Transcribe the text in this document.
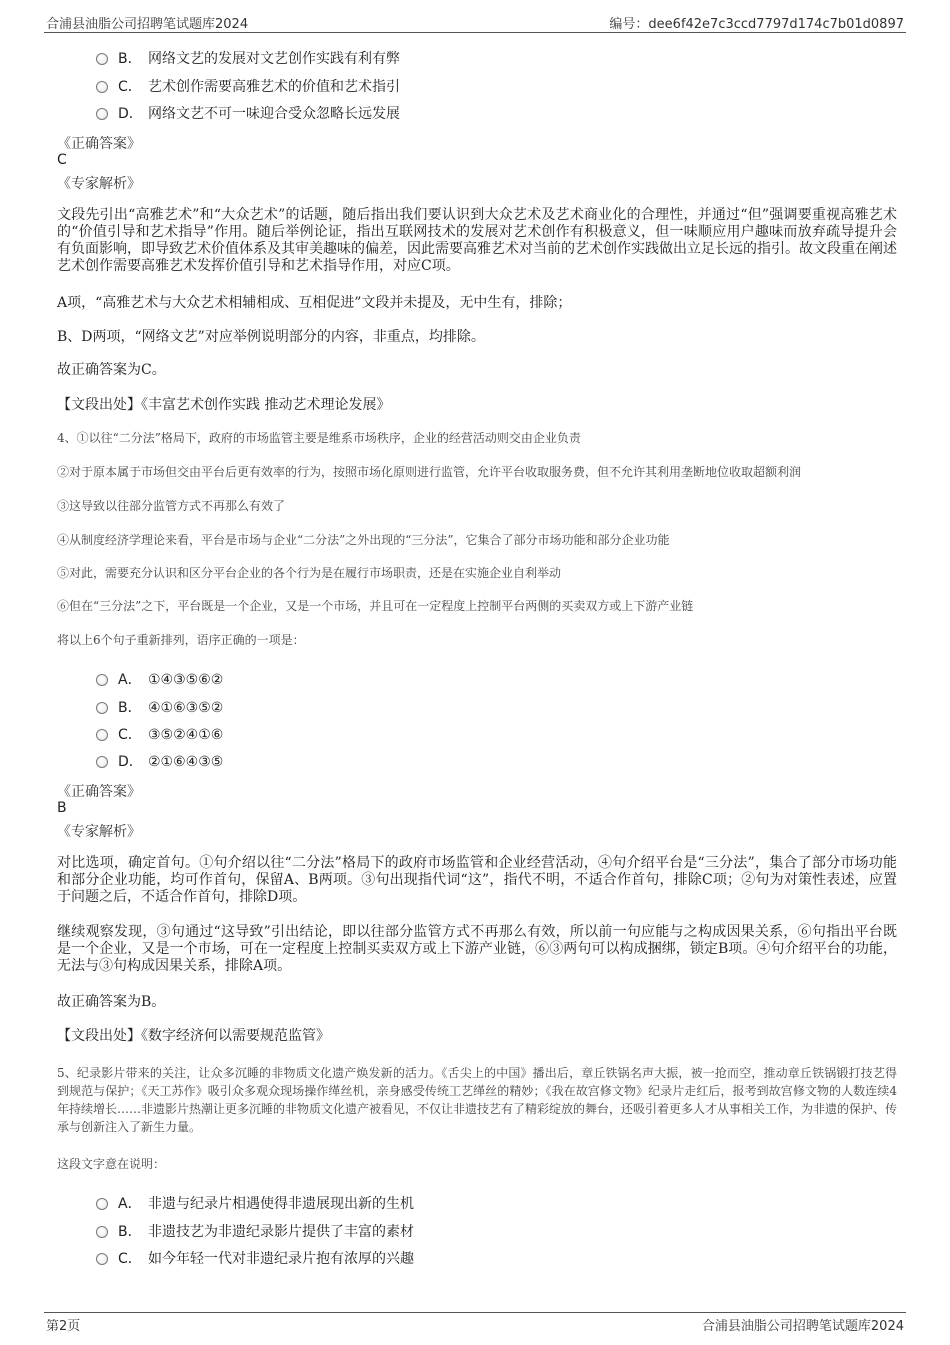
合浦县油脂公司招聘笔试题库2024	编号：dee6f42e7c3ccd7797d174c7b01d0897
B． 网络文艺的发展对文艺创作实践有利有弊
C． 艺术创作需要高雅艺术的价值和艺术指引
D． 网络文艺不可一味迎合受众忽略长远发展
《正确答案》
C
《专家解析》
文段先引出“高雅艺术”和“大众艺术”的话题，随后指出我们要认识到大众艺术及艺术商业化的合理性，并通过“但”强调要重视高雅艺术的“价值引导和艺术指导”作用。随后举例论证，指出互联网技术的发展对艺术创作有积极意义，但一味顺应用户趣味而放弃疏导提升会有负面影响，即导致艺术价值体系及其审美趣味的偏差，因此需要高雅艺术对当前的艺术创作实践做出立足长远的指引。故文段重在阐述艺术创作需要高雅艺术发挥价值引导和艺术指导作用，对应C项。
A项，“高雅艺术与大众艺术相辅相成、互相促进”文段并未提及，无中生有，排除；
B、D两项，“网络文艺”对应举例说明部分的内容，非重点，均排除。
故正确答案为C。
【文段出处】《丰富艺术创作实践 推动艺术理论发展》
4、①以往“二分法”格局下，政府的市场监管主要是维系市场秩序，企业的经营活动则交由企业负责
②对于原本属于市场但交由平台后更有效率的行为，按照市场化原则进行监管，允许平台收取服务费，但不允许其利用垄断地位收取超额利润
③这导致以往部分监管方式不再那么有效了
④从制度经济学理论来看，平台是市场与企业“二分法”之外出现的“三分法”，它集合了部分市场功能和部分企业功能
⑤对此，需要充分认识和区分平台企业的各个行为是在履行市场职责，还是在实施企业自利举动
⑥但在“三分法”之下，平台既是一个企业，又是一个市场，并且可在一定程度上控制平台两侧的买卖双方或上下游产业链
将以上6个句子重新排列，语序正确的一项是：
A． ①④③⑤⑥②
B． ④①⑥③⑤②
C． ③⑤②④①⑥
D． ②①⑥④③⑤
《正确答案》
B
《专家解析》
对比选项，确定首句。①句介绍以往“二分法”格局下的政府市场监管和企业经营活动，④句介绍平台是“三分法”，集合了部分市场功能和部分企业功能，均可作首句，保留A、B两项。③句出现指代词“这”，指代不明，不适合作首句，排除C项；②句为对策性表述，应置于问题之后，不适合作首句，排除D项。
继续观察发现，③句通过“这导致”引出结论，即以往部分监管方式不再那么有效，所以前一句应能与之构成因果关系，⑥句指出平台既是一个企业，又是一个市场，可在一定程度上控制买卖双方或上下游产业链，⑥③两句可以构成捆绑，锁定B项。④句介绍平台的功能，无法与③句构成因果关系，排除A项。
故正确答案为B。
【文段出处】《数字经济何以需要规范监管》
5、纪录影片带来的关注，让众多沉睡的非物质文化遗产焕发新的活力。《舌尖上的中国》播出后，章丘铁锅名声大振，被一抢而空，推动章丘铁锅锻打技艺得到规范与保护；《天工苏作》吸引众多观众现场操作缂丝机，亲身感受传统工艺缂丝的精妙；《我在故宫修文物》纪录片走红后，报考到故宫修文物的人数连续4年持续增长……非遗影片热潮让更多沉睡的非物质文化遗产被看见，不仅让非遗技艺有了精彩绽放的舞台，还吸引着更多人才从事相关工作，为非遗的保护、传承与创新注入了新生力量。
这段文字意在说明：
A． 非遗与纪录片相遇使得非遗展现出新的生机
B． 非遗技艺为非遗纪录影片提供了丰富的素材
C． 如今年轻一代对非遗纪录片抱有浓厚的兴趣
第2页	合浦县油脂公司招聘笔试题库2024
